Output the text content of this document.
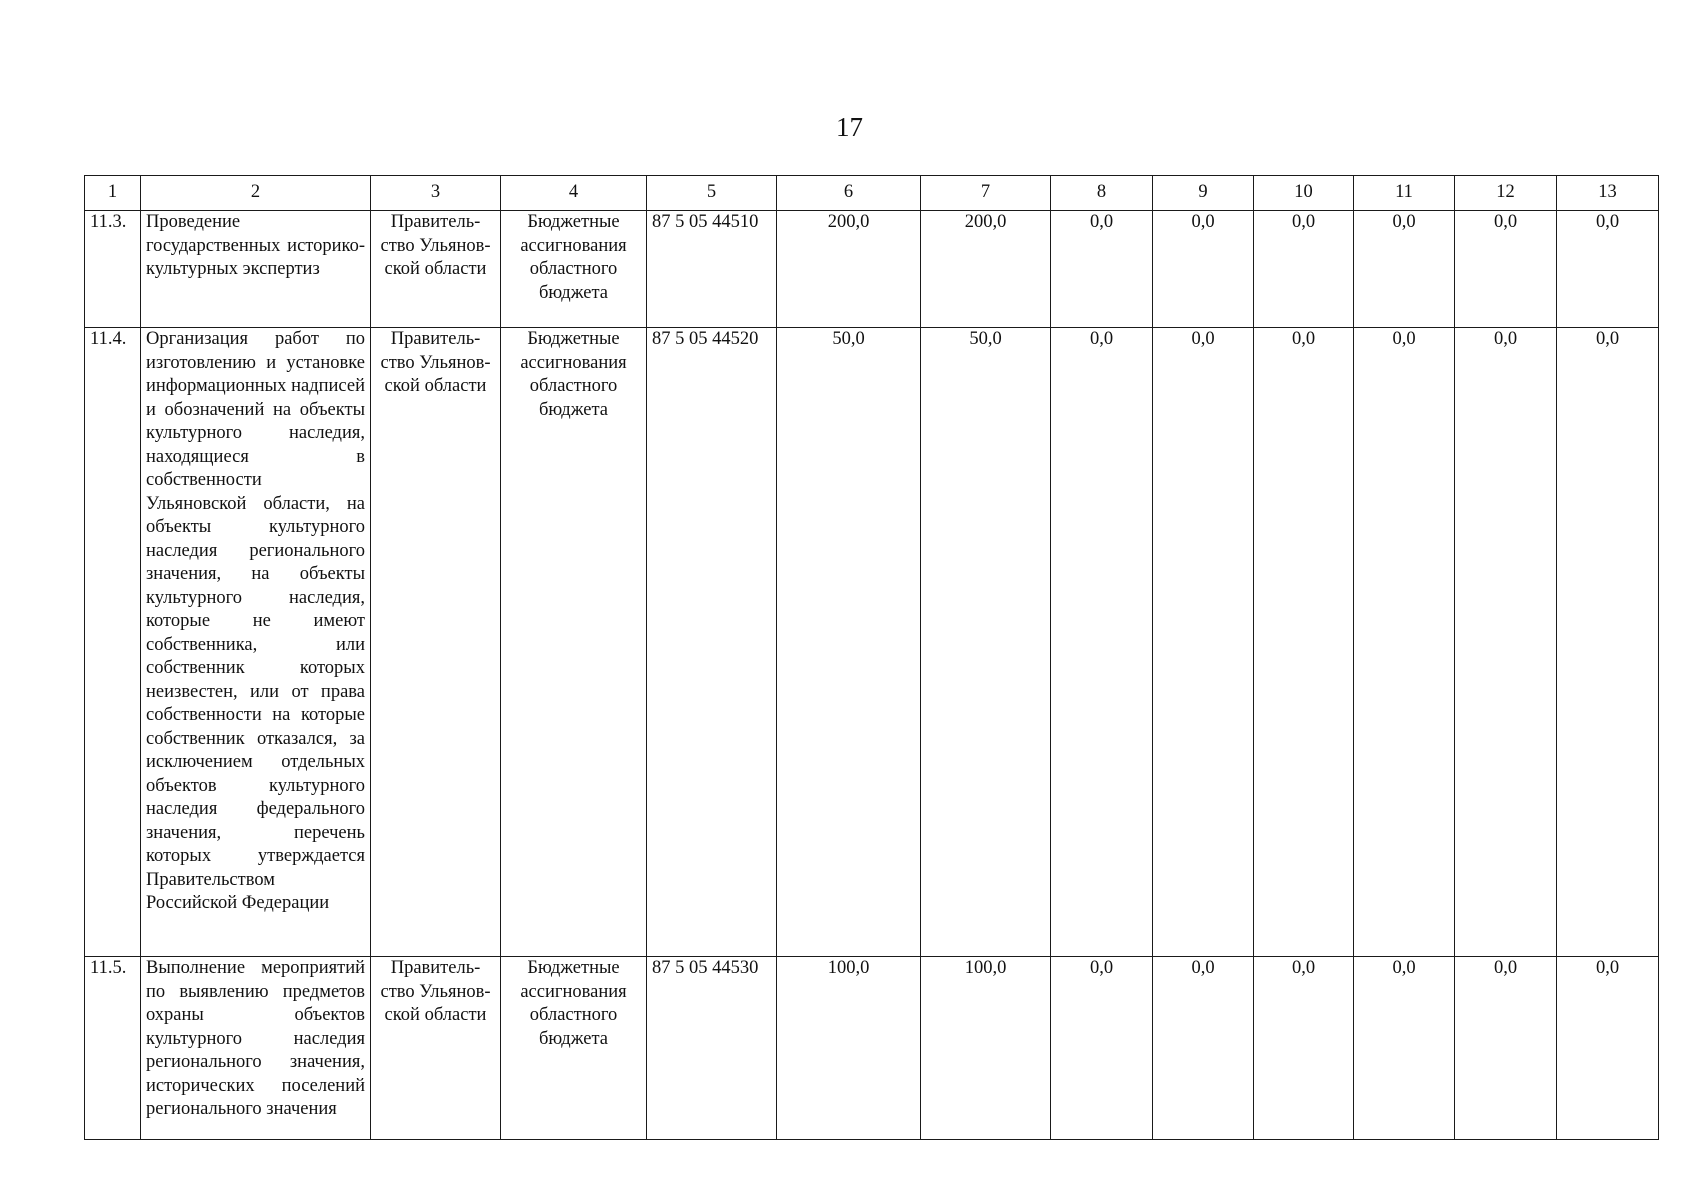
17
1	2	3	4	5	6	7	8	9	10	11	12	13
11.3.	Проведение государственных историко-культурных экспертиз	Правитель-ство Ульянов-ской области	Бюджетные ассигнования областного бюджета	87 5 05 44510	200,0	200,0	0,0	0,0	0,0	0,0	0,0	0,0
11.4.	Организация работ по изготовлению и установке информационных надписей и обозначений на объекты культурного наследия, находящиеся в собственности Ульяновской области, на объекты культурного наследия регионального значения, на объекты культурного наследия, которые не имеют собственника, или собственник которых неизвестен, или от права собственности на которые собственник отказался, за исключением отдельных объектов культурного наследия федерального значения, перечень которых утверждается Правительством Российской Федерации	Правитель-ство Ульянов-ской области	Бюджетные ассигнования областного бюджета	87 5 05 44520	50,0	50,0	0,0	0,0	0,0	0,0	0,0	0,0
11.5.	Выполнение мероприятий по выявлению предметов охраны объектов культурного наследия регионального значения, исторических поселений регионального значения	Правитель-ство Ульянов-ской области	Бюджетные ассигнования областного бюджета	87 5 05 44530	100,0	100,0	0,0	0,0	0,0	0,0	0,0	0,0
